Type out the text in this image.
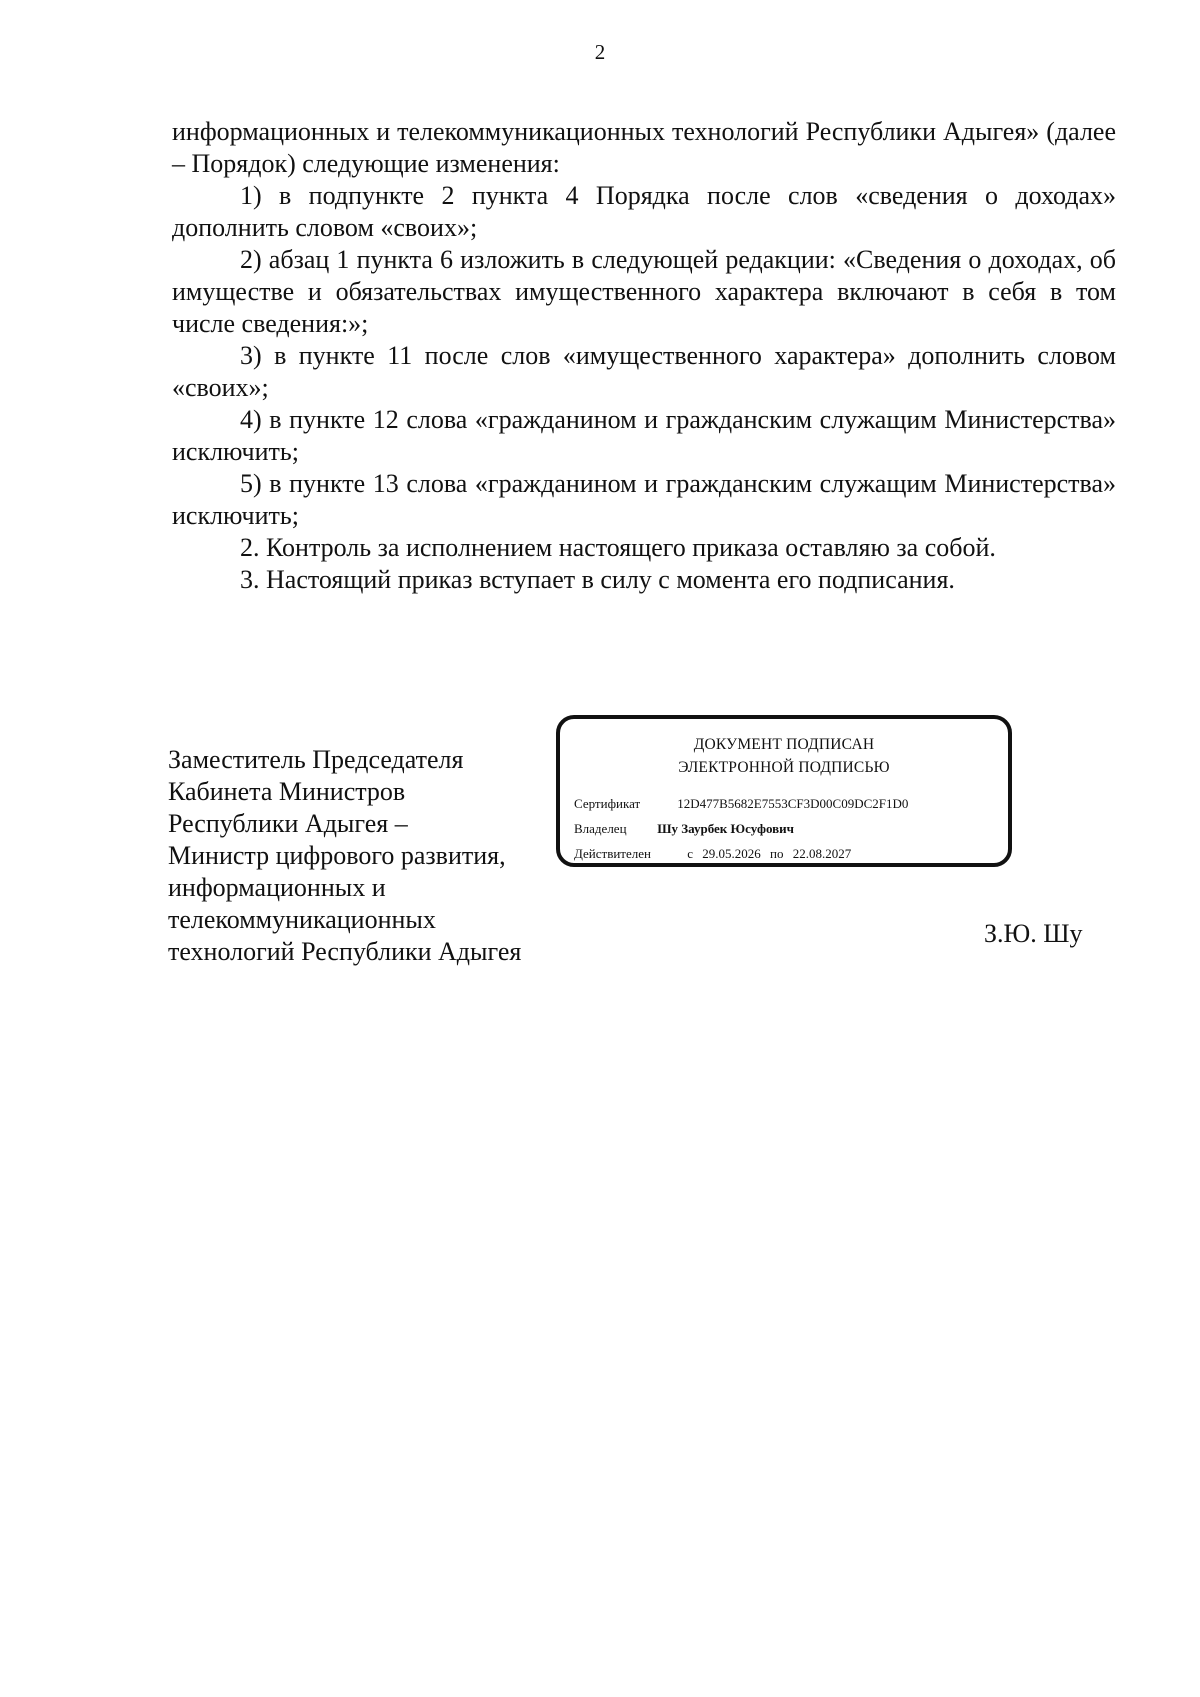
2

информационных и телекоммуникационных технологий Республики Адыгея» (далее – Порядок) следующие изменения:

1) в подпункте 2 пункта 4 Порядка после слов «сведения о доходах» дополнить словом «своих»;

2) абзац 1 пункта 6 изложить в следующей редакции: «Сведения о доходах, об имуществе и обязательствах имущественного характера включают в себя в том числе сведения:»;

3) в пункте 11 после слов «имущественного характера» дополнить словом «своих»;

4) в пункте 12 слова «гражданином и гражданским служащим Министерства» исключить;

5) в пункте 13 слова «гражданином и гражданским служащим Министерства» исключить;

2. Контроль за исполнением настоящего приказа оставляю за собой.

3. Настоящий приказ вступает в силу с момента его подписания.

Заместитель Председателя
Кабинета Министров
Республики Адыгея –
Министр цифрового развития,
информационных и
телекоммуникационных
технологий Республики Адыгея
ДОКУМЕНТ ПОДПИСАН
ЭЛЕКТРОННОЙ ПОДПИСЬЮ
Сертификат	12D477B5682E7553CF3D00C09DC2F1D0
Владелец Шу Заурбек Юсуфович
Действителен	с 29.05.2026 по 22.08.2027
З.Ю. Шу
